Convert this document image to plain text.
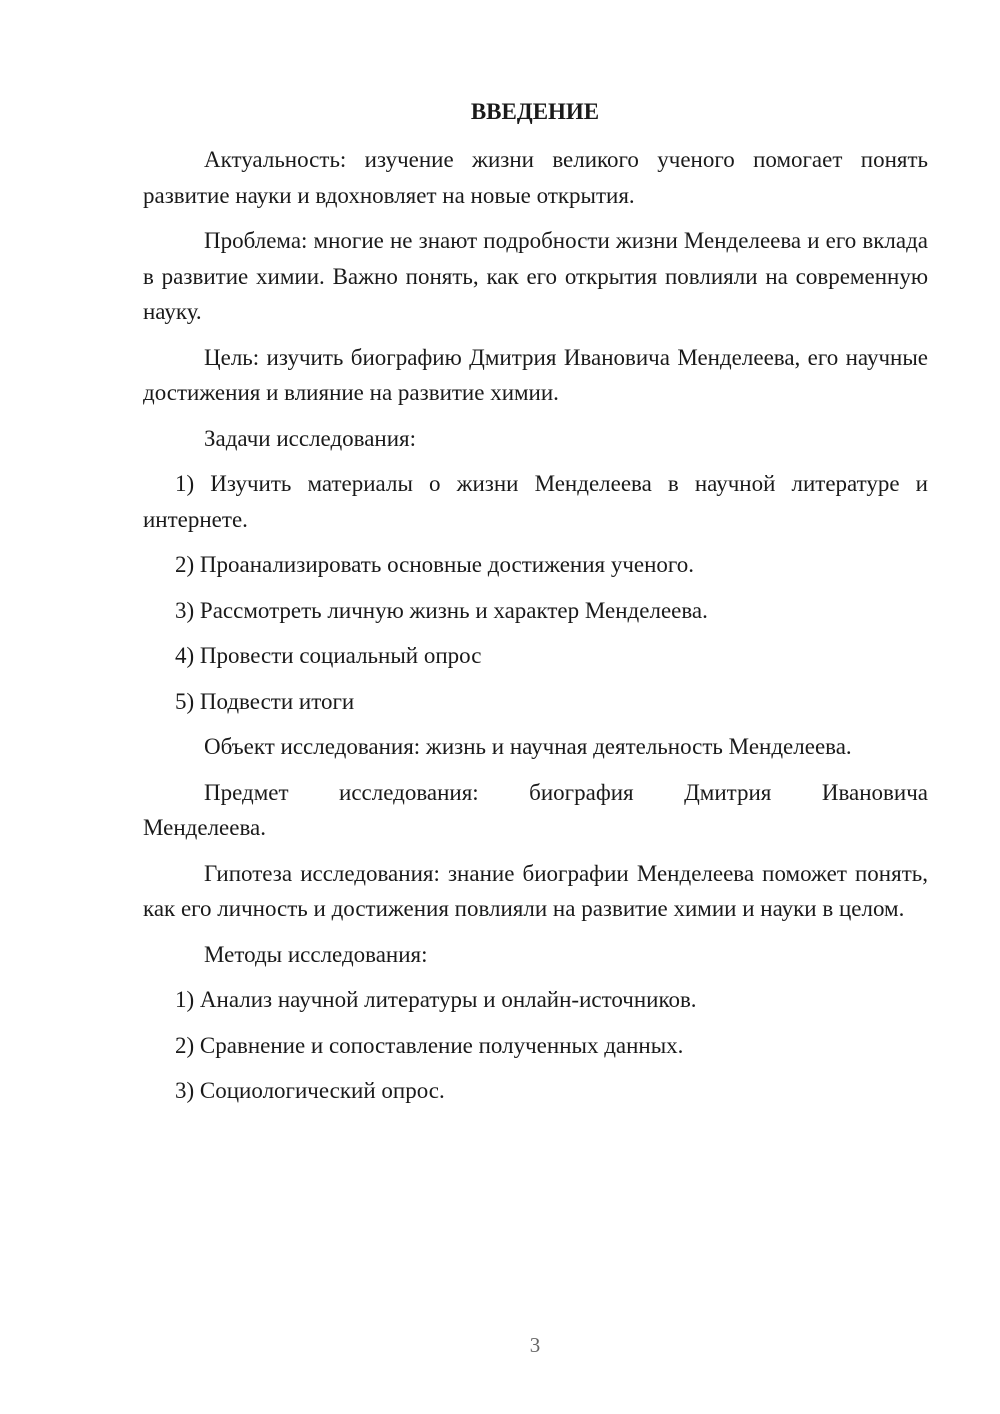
ВВЕДЕНИЕ

Актуальность: изучение жизни великого ученого помогает понять развитие науки и вдохновляет на новые открытия.

Проблема: многие не знают подробности жизни Менделеева и его вклада в развитие химии. Важно понять, как его открытия повлияли на современную науку.

Цель: изучить биографию Дмитрия Ивановича Менделеева, его научные достижения и влияние на развитие химии.

Задачи исследования:

1) Изучить материалы о жизни Менделеева в научной литературе и интернете.

2) Проанализировать основные достижения ученого.

3) Рассмотреть личную жизнь и характер Менделеева.

4) Провести социальный опрос

5) Подвести итоги

Объект исследования: жизнь и научная деятельность Менделеева.

Предмет исследования: биография Дмитрия Ивановича

Менделеева.

Гипотеза исследования: знание биографии Менделеева поможет понять, как его личность и достижения повлияли на развитие химии и науки в целом.

Методы исследования:

1) Анализ научной литературы и онлайн-источников.

2) Сравнение и сопоставление полученных данных.

3) Социологический опрос.

3
